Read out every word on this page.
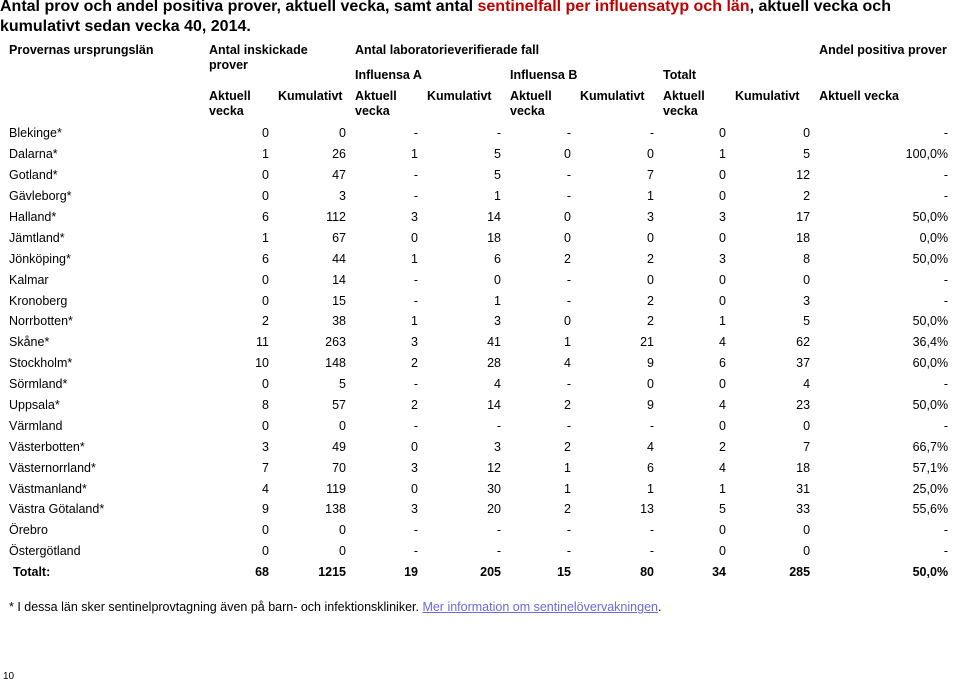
Antal prov och andel positiva prover, aktuell vecka, samt antal sentinelfall per influensatyp och län, aktuell vecka och kumulativt sedan vecka 40, 2014.
Provernas ursprungslän	Antal inskickade prover		Antal laboratorieverifierade fall						Andel positiva prover
			Influensa A		Influensa B		Totalt		
	Aktuell vecka	Kumulativt	Aktuell vecka	Kumulativt	Aktuell vecka	Kumulativt	Aktuell vecka	Kumulativt	Aktuell vecka
Blekinge*	0	0	-	-	-	-	0	0	-
Dalarna*	1	26	1	5	0	0	1	5	100,0%
Gotland*	0	47	-	5	-	7	0	12	-
Gävleborg*	0	3	-	1	-	1	0	2	-
Halland*	6	112	3	14	0	3	3	17	50,0%
Jämtland*	1	67	0	18	0	0	0	18	0,0%
Jönköping*	6	44	1	6	2	2	3	8	50,0%
Kalmar	0	14	-	0	-	0	0	0	-
Kronoberg	0	15	-	1	-	2	0	3	-
Norrbotten*	2	38	1	3	0	2	1	5	50,0%
Skåne*	11	263	3	41	1	21	4	62	36,4%
Stockholm*	10	148	2	28	4	9	6	37	60,0%
Sörmland*	0	5	-	4	-	0	0	4	-
Uppsala*	8	57	2	14	2	9	4	23	50,0%
Värmland	0	0	-	-	-	-	0	0	-
Västerbotten*	3	49	0	3	2	4	2	7	66,7%
Västernorrland*	7	70	3	12	1	6	4	18	57,1%
Västmanland*	4	119	0	30	1	1	1	31	25,0%
Västra Götaland*	9	138	3	20	2	13	5	33	55,6%
Örebro	0	0	-	-	-	-	0	0	-
Östergötland	0	0	-	-	-	-	0	0	-
Totalt:	68	1215	19	205	15	80	34	285	50,0%
* I dessa län sker sentinelprovtagning även på barn- och infektionskliniker. Mer information om sentinelövervakningen.
10
